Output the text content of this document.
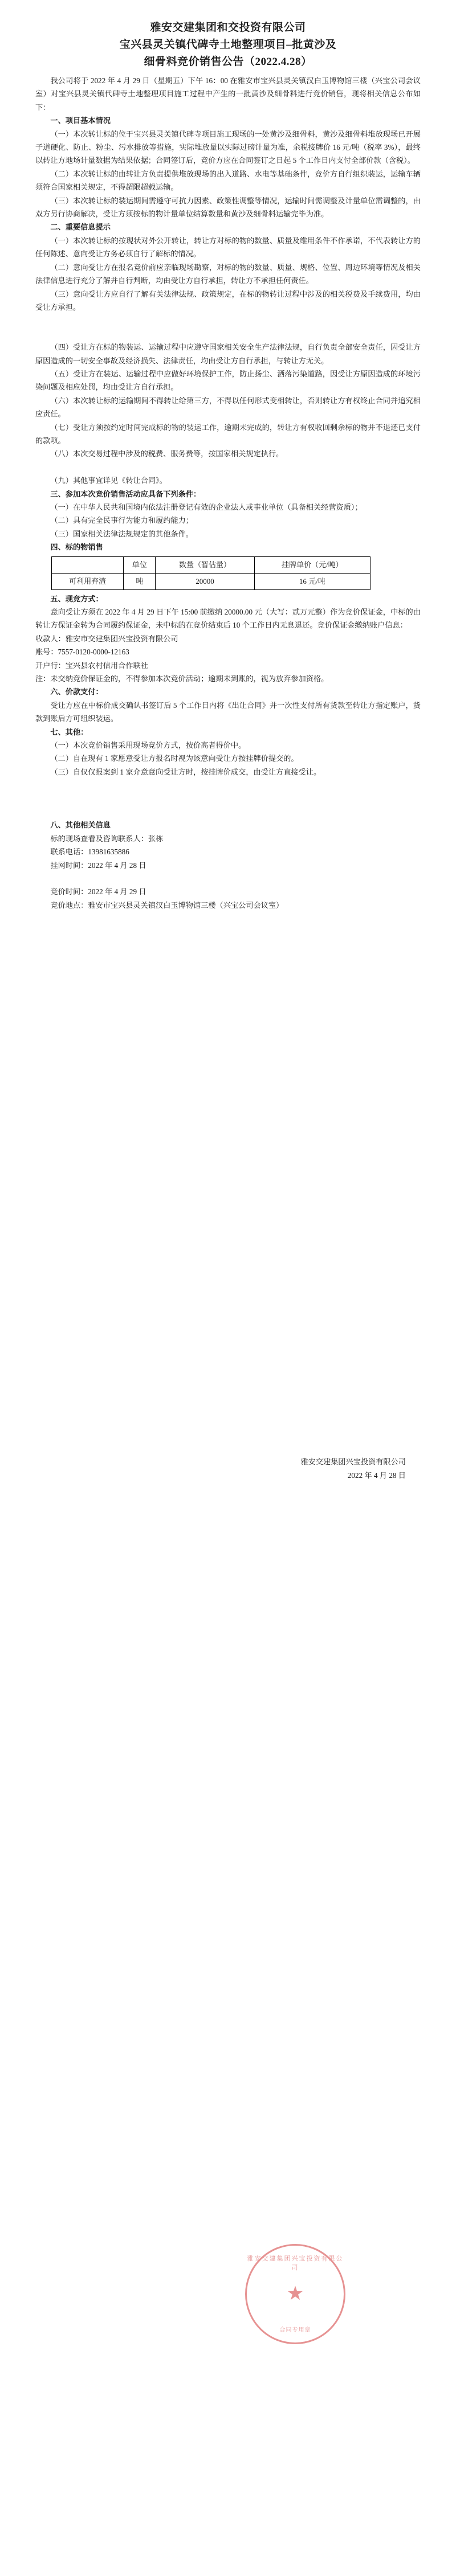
雅安交建集团和交投资有限公司
宝兴县灵关镇代碑寺土地整理项目–批黄沙及
细骨料竞价销售公告（2022.4.28）

我公司将于 2022 年 4 月 29 日（星期五）下午 16：00 在雅安市宝兴县灵关镇汉白玉博物馆三楼（兴宝公司会议室）对宝兴县灵关镇代碑寺土地整理项目施工过程中产生的一批黄沙及细骨料进行竞价销售，现将相关信息公布如下：

一、项目基本情况

（一）本次转让标的位于宝兴县灵关镇代碑寺项目施工现场的一处黄沙及细骨料，黄沙及细骨料堆放现场已开展子道硬化、防止、粉尘、污水排放等措施，实际堆放量以实际过磅计量为准，余税接牌价 16 元/吨（税率 3%），最终以转让方地场计量数据为结果依据；合同签订后，竞价方应在合同签订之日起 5 个工作日内支付全部价款（含税）。

（二）本次转让标的由转让方负责提供堆放现场的出入道路、水电等基础条件，竞价方自行组织装运，运输车辆须符合国家相关规定，不得超限超载运输。

（三）本次转让标的装运期间需遵守可抗力因素、政策性调整等情况，运输时间需调整及计量单位需调整的，由双方另行协商解决，受让方须按标的物计量单位结算数量和黄沙及细骨料运输完毕为准。

二、重要信息提示

（一）本次转让标的按现状对外公开转让，转让方对标的物的数量、质量及维用条件不作承诺，不代表转让方的任何陈述、意向受让方务必须自行了解标的情况。

（二）意向受让方在报名竞价前应亲临现场勘察，对标的物的数量、质量、规格、位置、周边环境等情况及相关法律信息进行充分了解并自行判断，均由受让方自行承担，转让方不承担任何责任。

（三）意向受让方应自行了解有关法律法规、政策规定，在标的物转让过程中涉及的相关税费及手续费用，均由受让方承担。

（四）受让方在标的物装运、运输过程中应遵守国家相关安全生产法律法规，自行负责全部安全责任，因受让方原因造成的一切安全事故及经济损失、法律责任，均由受让方自行承担，与转让方无关。

（五）受让方在装运、运输过程中应做好环境保护工作，防止扬尘、洒落污染道路，因受让方原因造成的环境污染问题及相应处罚，均由受让方自行承担。

（六）本次转让标的运输期间不得转让给第三方，不得以任何形式变相转让，否则转让方有权终止合同并追究相应责任。

（七）受让方须按约定时间完成标的物的装运工作，逾期未完成的，转让方有权收回剩余标的物并不退还已支付的款项。

（八）本次交易过程中涉及的税费、服务费等，按国家相关规定执行。

（九）其他事宜详见《转让合同》。

三、参加本次竞价销售活动应具备下列条件：

（一）在中华人民共和国境内依法注册登记有效的企业法人或事业单位（具备相关经营资质）；

（二）具有完全民事行为能力和履约能力；

（三）国家相关法律法规规定的其他条件。

四、标的物销售

	单位	数量（暂估量）	挂牌单价（元/吨）
可利用弃渣	吨	20000	16 元/吨

五、现竞方式：

意向受让方须在 2022 年 4 月 29 日下午 15:00 前缴纳 20000.00 元（大写：贰万元整）作为竞价保证金，中标的由转让方保证金转为合同履约保证金，未中标的在竞价结束后 10 个工作日内无息退还。竞价保证金缴纳账户信息：

收款人：雅安市交建集团兴宝投资有限公司

账号：7557-0120-0000-12163

开户行：宝兴县农村信用合作联社

注：未交纳竞价保证金的，不得参加本次竞价活动；逾期未到账的，视为放弃参加资格。

六、价款支付：

受让方应在中标价成交确认书签订后 5 个工作日内将《出让合同》并一次性支付所有货款至转让方指定账户，货款到账后方可组织装运。

七、其他：

（一）本次竞价销售采用现场竞价方式，按价高者得价中。

（二）自在现有 1 家愿意受让方报名时视为该意向受让方按挂牌价提交的。

（三）自仅仅报案到 1 家介意意向受让方时，按挂牌价成交，由受让方直接受让。

八、其他相关信息

标的现场查看及咨询联系人：张栋

联系电话：13981635886

挂网时间：2022 年 4 月 28 日

竞价时间：2022 年 4 月 29 日

竞价地点：雅安市宝兴县灵关镇汉白玉博物馆三楼（兴宝公司会议室）

雅安交建集团兴宝投资有限公司
2022 年 4 月 28 日
雅安交建集团兴宝投资有限公司
★
合同专用章
